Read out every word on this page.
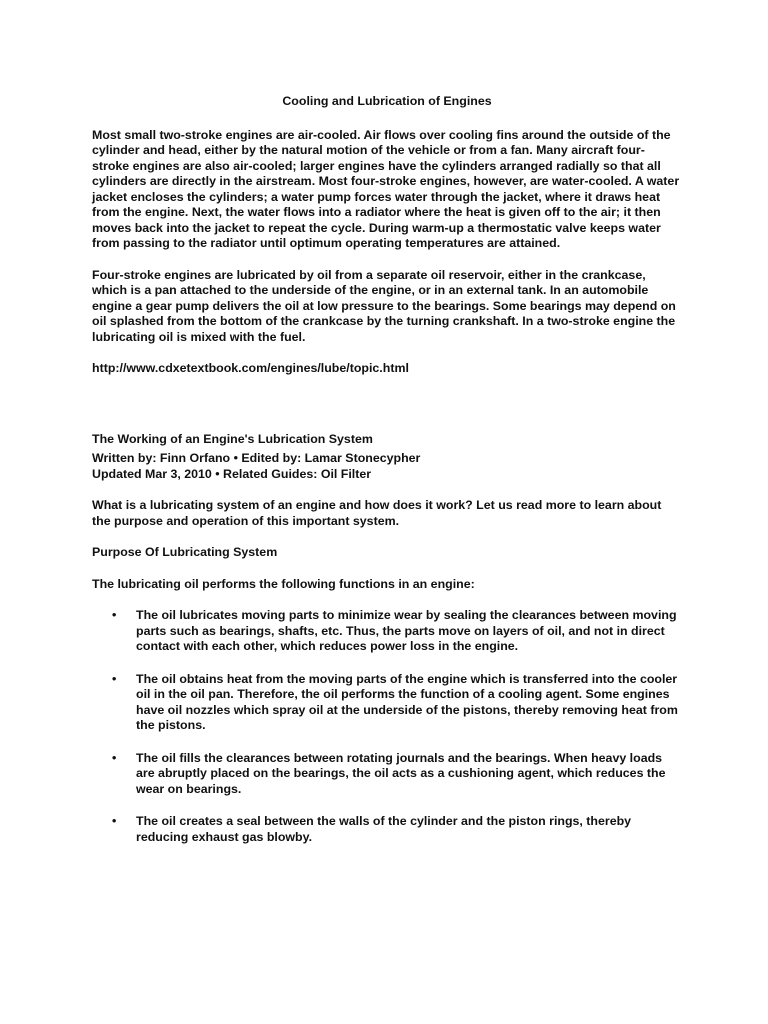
Cooling and Lubrication of Engines

Most small two-stroke engines are air-cooled. Air flows over cooling fins around the outside of the cylinder and head, either by the natural motion of the vehicle or from a fan. Many aircraft four-stroke engines are also air-cooled; larger engines have the cylinders arranged radially so that all cylinders are directly in the airstream. Most four-stroke engines, however, are water-cooled. A water jacket encloses the cylinders; a water pump forces water through the jacket, where it draws heat from the engine. Next, the water flows into a radiator where the heat is given off to the air; it then moves back into the jacket to repeat the cycle. During warm-up a thermostatic valve keeps water from passing to the radiator until optimum operating temperatures are attained.

Four-stroke engines are lubricated by oil from a separate oil reservoir, either in the crankcase, which is a pan attached to the underside of the engine, or in an external tank. In an automobile engine a gear pump delivers the oil at low pressure to the bearings. Some bearings may depend on oil splashed from the bottom of the crankcase by the turning crankshaft. In a two-stroke engine the lubricating oil is mixed with the fuel.

http://www.cdxetextbook.com/engines/lube/topic.html

The Working of an Engine's Lubrication System

Written by: Finn Orfano • Edited by: Lamar Stonecypher

Updated Mar 3, 2010 • Related Guides: Oil Filter

What is a lubricating system of an engine and how does it work? Let us read more to learn about the purpose and operation of this important system.

Purpose Of Lubricating System

The lubricating oil performs the following functions in an engine:

• The oil lubricates moving parts to minimize wear by sealing the clearances between moving parts such as bearings, shafts, etc. Thus, the parts move on layers of oil, and not in direct contact with each other, which reduces power loss in the engine.
• The oil obtains heat from the moving parts of the engine which is transferred into the cooler oil in the oil pan. Therefore, the oil performs the function of a cooling agent. Some engines have oil nozzles which spray oil at the underside of the pistons, thereby removing heat from the pistons.
• The oil fills the clearances between rotating journals and the bearings. When heavy loads are abruptly placed on the bearings, the oil acts as a cushioning agent, which reduces the wear on bearings.
• The oil creates a seal between the walls of the cylinder and the piston rings, thereby reducing exhaust gas blowby.
